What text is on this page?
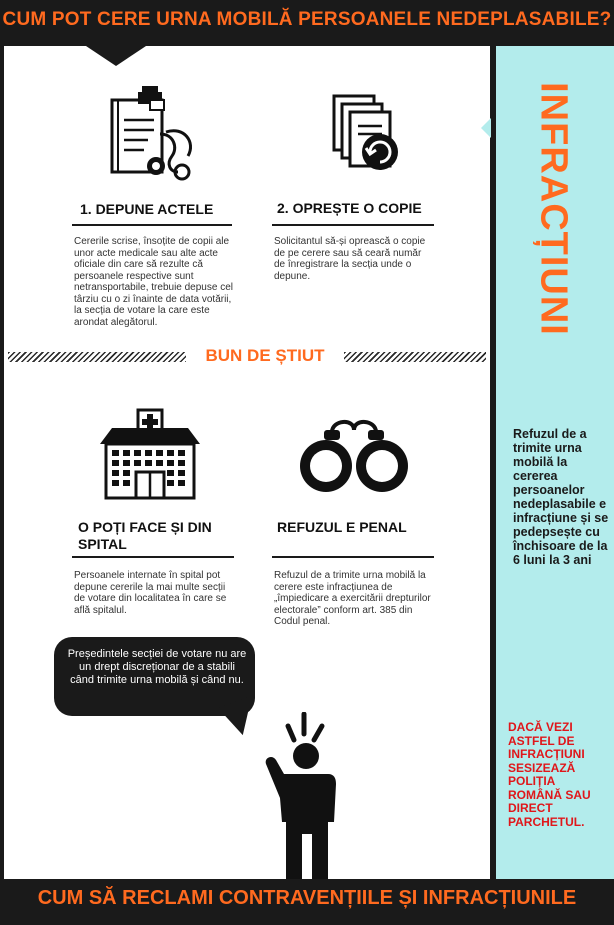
CUM POT CERE URNA MOBILĂ PERSOANELE NEDEPLASABILE?
INFRACȚIUNI
Refuzul de a trimite urna mobilă la cererea persoanelor nedeplasabile e infracțiune și se pedepsește cu închisoare de la 6 luni la 3 ani
DACĂ VEZI ASTFEL DE INFRACȚIUNI SESIZEAZĂ POLIȚIA ROMÂNĂ SAU DIRECT PARCHETUL.
1. DEPUNE ACTELE
Cererile scrise, însoțite de copii ale unor acte medicale sau alte acte oficiale din care să rezulte că persoanele respective sunt netransportabile, trebuie depuse cel târziu cu o zi înainte de data votării, la secția de votare la care este arondat alegătorul.
2. OPREȘTE O COPIE
Solicitantul să-și oprească o copie de pe cerere sau să ceară număr de înregistrare la secția unde o depune.
BUN DE ȘTIUT
O POȚI FACE ȘI DIN SPITAL
Persoanele internate în spital pot depune cererile la mai multe secții de votare din localitatea în care se află spitalul.
REFUZUL E PENAL
Refuzul de a trimite urna mobilă la cerere este infracțiunea de „împiedicare a exercitării drepturilor electorale” conform art. 385 din Codul penal.
Președintele secției de votare nu are un drept discreționar de a stabili când trimite urna mobilă și când nu.
CUM SĂ RECLAMI CONTRAVENȚIILE ȘI INFRACȚIUNILE
